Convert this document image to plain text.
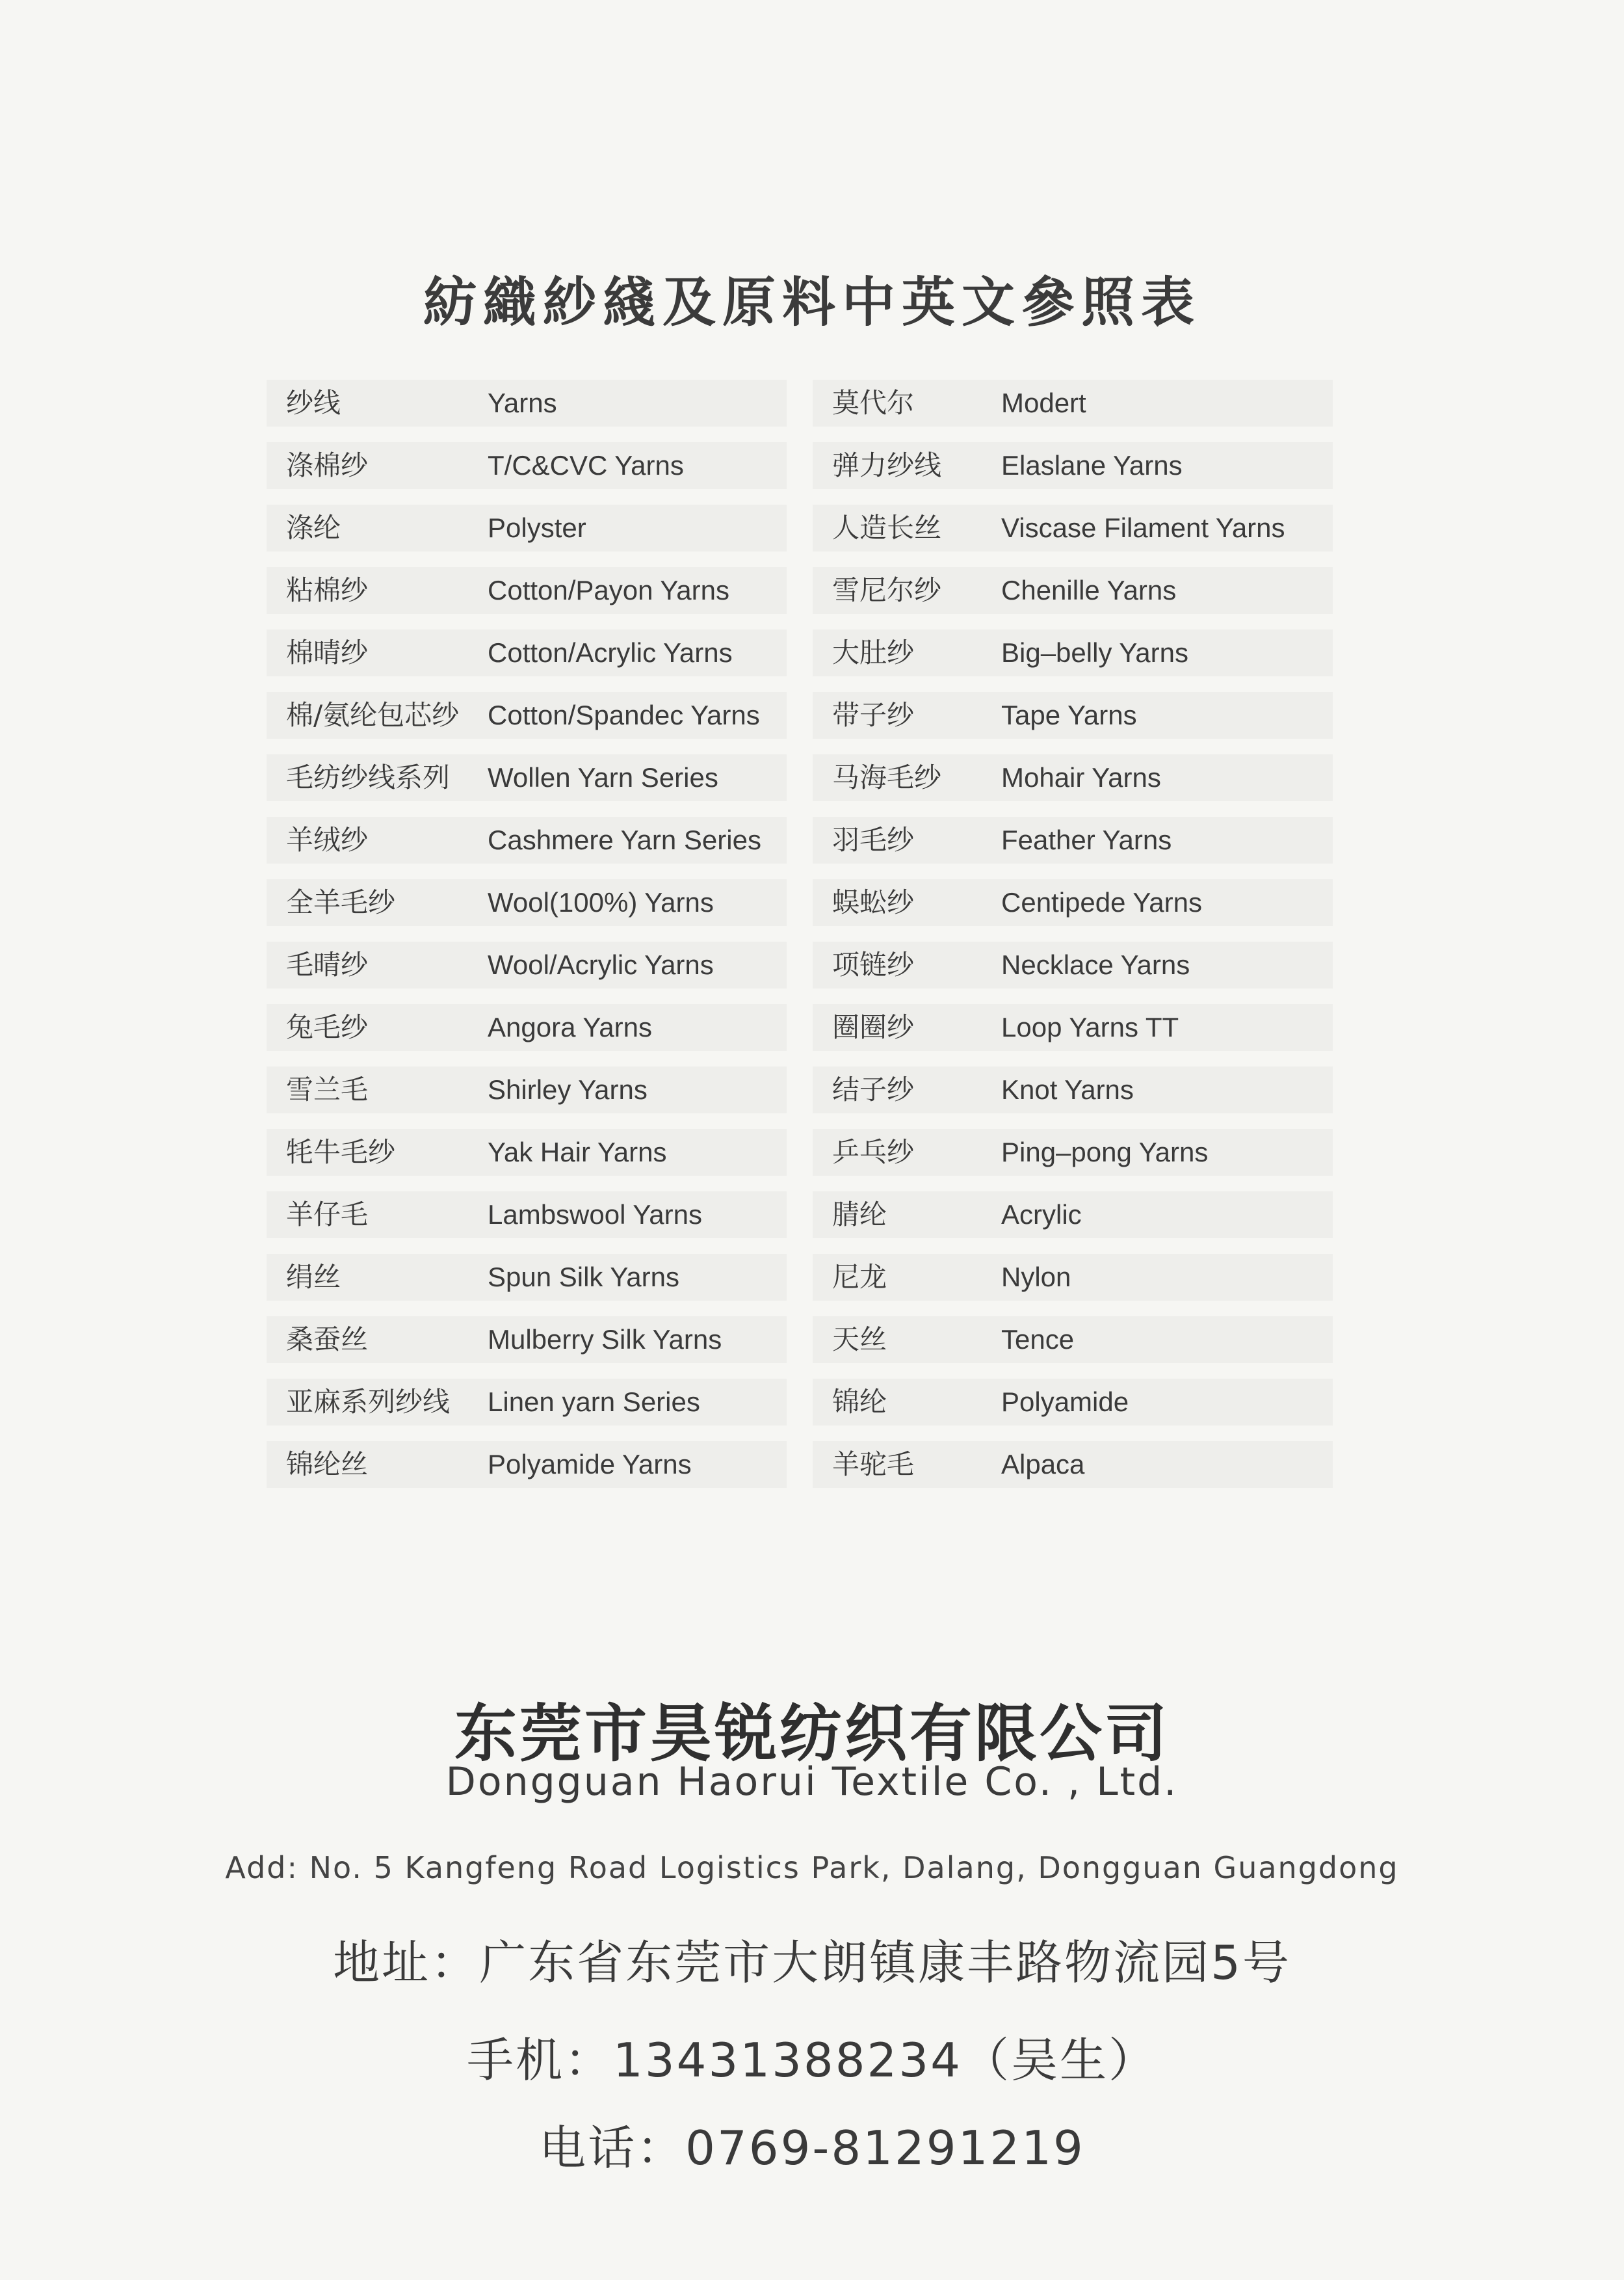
紡織紗綫及原料中英文參照表
纱线	Yarns
涤棉纱	T/C&CVC Yarns
涤纶	Polyster
粘棉纱	Cotton/Payon Yarns
棉晴纱	Cotton/Acrylic Yarns
棉/氨纶包芯纱 Cotton/Spandec Yarns
毛纺纱线系列 Wollen Yarn Series
羊绒纱	Cashmere Yarn Series
全羊毛纱	Wool(100%) Yarns
毛晴纱	Wool/Acrylic Yarns
兔毛纱	Angora Yarns
雪兰毛	Shirley Yarns
牦牛毛纱	Yak Hair Yarns
羊仔毛	Lambswool Yarns
绢丝	Spun Silk Yarns
桑蚕丝	Mulberry Silk Yarns
亚麻系列纱线 Linen yarn Series
锦纶丝	Polyamide Yarns
莫代尔	Modert
弹力纱线 Elaslane Yarns
人造长丝 Viscase Filament Yarns
雪尼尔纱 Chenille Yarns
大肚纱	Big–belly Yarns
带子纱	Tape Yarns
马海毛纱 Mohair Yarns
羽毛纱	Feather Yarns
蜈蚣纱	Centipede Yarns
项链纱	Necklace Yarns
圈圈纱	Loop Yarns TT
结子纱	Knot Yarns
乒乓纱	Ping–pong Yarns
腈纶	Acrylic
尼龙	Nylon
天丝	Tence
锦纶	Polyamide
羊驼毛	Alpaca
东莞市昊锐纺织有限公司
Dongguan Haorui Textile Co. , Ltd.
Add: No. 5 Kangfeng Road Logistics Park, Dalang, Dongguan Guangdong
地址：广东省东莞市大朗镇康丰路物流园5号
手机：13431388234（吴生）
电话：0769-81291219
